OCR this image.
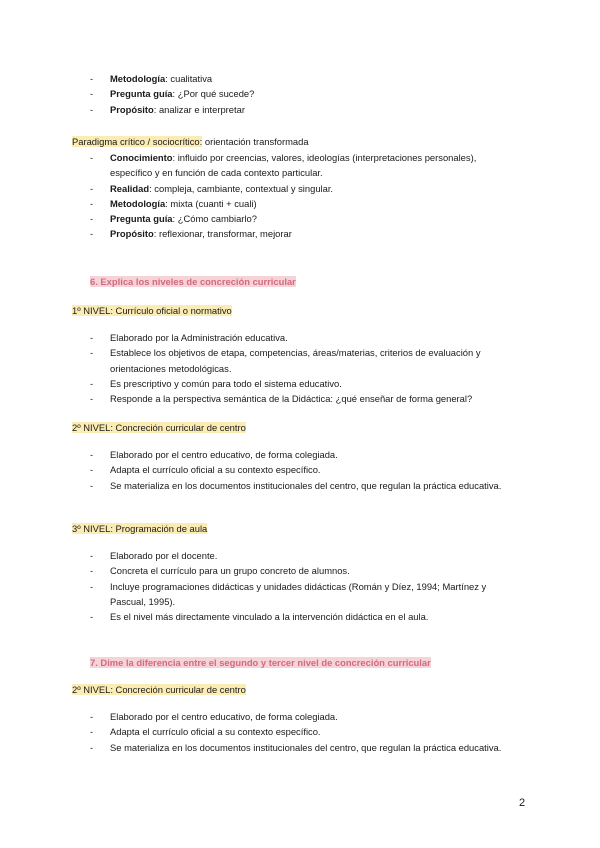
- Metodología: cualitativa
- Pregunta guía: ¿Por qué sucede?
- Propósito: analizar e interpretar
Paradigma crítico / sociocrítico: orientación transformada
- Conocimiento: influido por creencias, valores, ideologías (interpretaciones personales), específico y en función de cada contexto particular.
- Realidad: compleja, cambiante, contextual y singular.
- Metodología: mixta (cuanti + cuali)
- Pregunta guía: ¿Cómo cambiarlo?
- Propósito: reflexionar, transformar, mejorar
6. Explica los niveles de concreción curricular
1º NIVEL: Currículo oficial o normativo
- Elaborado por la Administración educativa.
- Establece los objetivos de etapa, competencias, áreas/materias, criterios de evaluación y orientaciones metodológicas.
- Es prescriptivo y común para todo el sistema educativo.
- Responde a la perspectiva semántica de la Didáctica: ¿qué enseñar de forma general?
2º NIVEL: Concreción curricular de centro
- Elaborado por el centro educativo, de forma colegiada.
- Adapta el currículo oficial a su contexto específico.
- Se materializa en los documentos institucionales del centro, que regulan la práctica educativa.
3º NIVEL: Programación de aula
- Elaborado por el docente.
- Concreta el currículo para un grupo concreto de alumnos.
- Incluye programaciones didácticas y unidades didácticas (Román y Díez, 1994; Martínez y Pascual, 1995).
- Es el nivel más directamente vinculado a la intervención didáctica en el aula.
7. Dime la diferencia entre el segundo y tercer nivel de concreción curricular
2º NIVEL: Concreción curricular de centro
- Elaborado por el centro educativo, de forma colegiada.
- Adapta el currículo oficial a su contexto específico.
- Se materializa en los documentos institucionales del centro, que regulan la práctica educativa.
2
